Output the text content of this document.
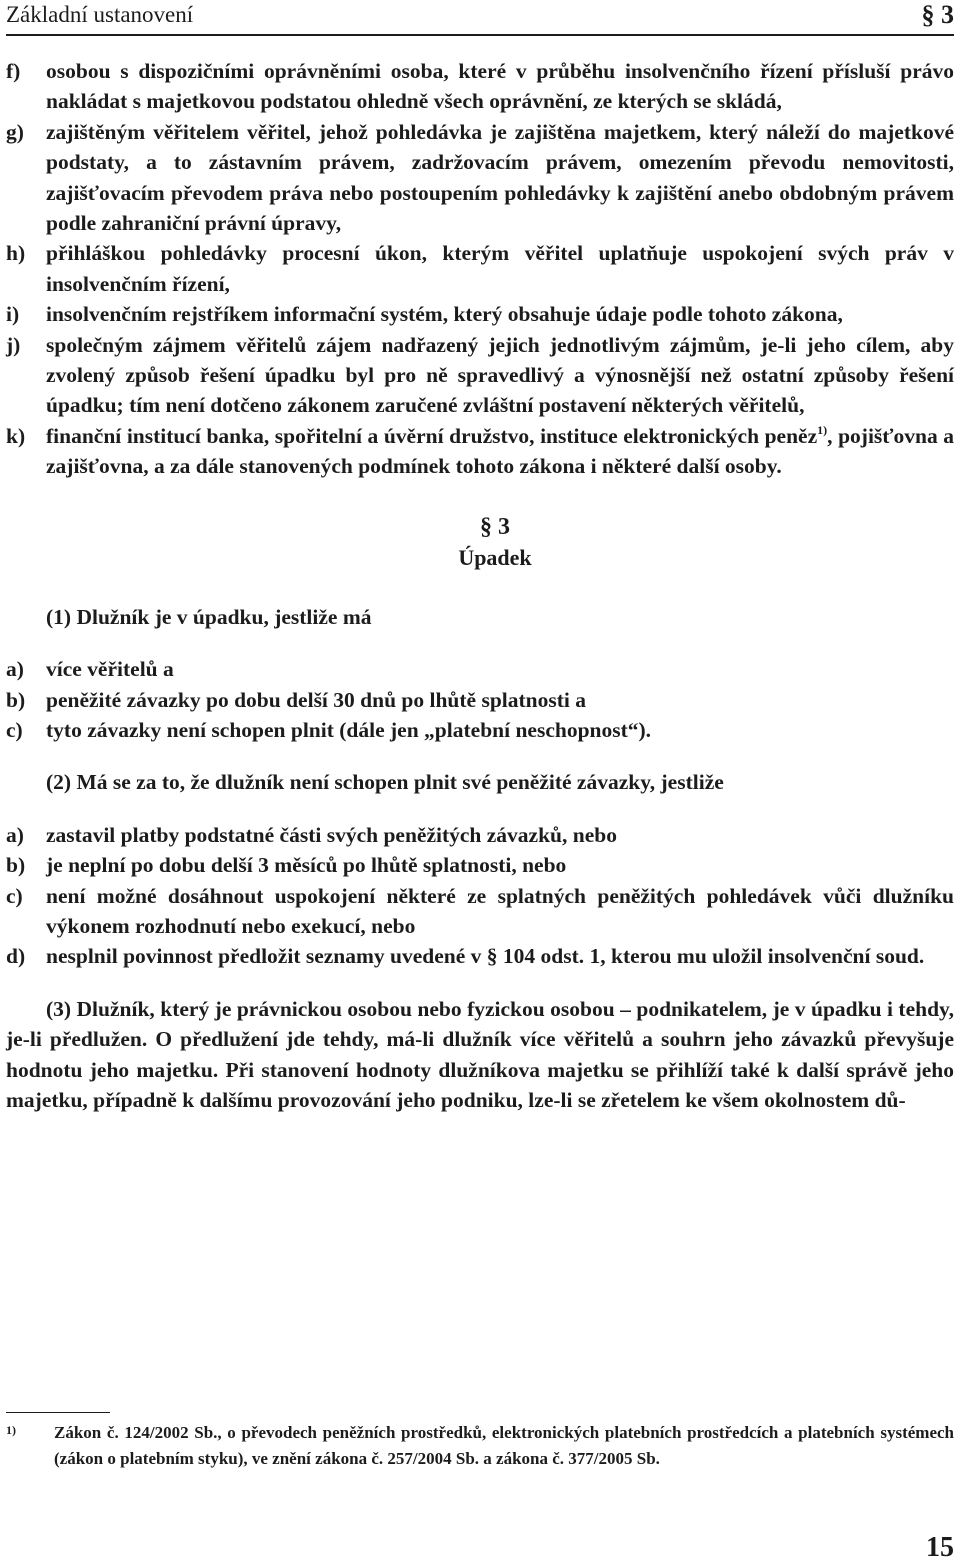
Základní ustanovení	§ 3
f) osobou s dispozičními oprávněními osoba, které v průběhu insolvenčního řízení přísluší právo nakládat s majetkovou podstatou ohledně všech oprávnění, ze kterých se skládá,
g) zajištěným věřitelem věřitel, jehož pohledávka je zajištěna majetkem, který náleží do majetkové podstaty, a to zástavním právem, zadržovacím právem, omezením převodu nemovitosti, zajišťovacím převodem práva nebo postoupením pohledávky k zajištění anebo obdobným právem podle zahraniční právní úpravy,
h) přihláškou pohledávky procesní úkon, kterým věřitel uplatňuje uspokojení svých práv v insolvenčním řízení,
i) insolvenčním rejstříkem informační systém, který obsahuje údaje podle tohoto zákona,
j) společným zájmem věřitelů zájem nadřazený jejich jednotlivým zájmům, je-li jeho cílem, aby zvolený způsob řešení úpadku byl pro ně spravedlivý a výnosnější než ostatní způsoby řešení úpadku; tím není dotčeno zákonem zaručené zvláštní postavení některých věřitelů,
k) finanční institucí banka, spořitelní a úvěrní družstvo, instituce elektronických peněz$^{1)}$, pojišťovna a zajišťovna, a za dále stanovených podmínek tohoto zákona i některé další osoby.
§ 3
Úpadek
(1) Dlužník je v úpadku, jestliže má
a) více věřitelů a
b) peněžité závazky po dobu delší 30 dnů po lhůtě splatnosti a
c) tyto závazky není schopen plnit (dále jen „platební neschopnost“).
(2) Má se za to, že dlužník není schopen plnit své peněžité závazky, jestliže
a) zastavil platby podstatné části svých peněžitých závazků, nebo
b) je neplní po dobu delší 3 měsíců po lhůtě splatnosti, nebo
c) není možné dosáhnout uspokojení některé ze splatných peněžitých pohledávek vůči dlužníku výkonem rozhodnutí nebo exekucí, nebo
d) nesplnil povinnost předložit seznamy uvedené v § 104 odst. 1, kterou mu uložil insolvenční soud.
(3) Dlužník, který je právnickou osobou nebo fyzickou osobou – podnikatelem, je v úpadku i tehdy, je-li předlužen. O předlužení jde tehdy, má-li dlužník více věřitelů a souhrn jeho závazků převyšuje hodnotu jeho majetku. Při stanovení hodnoty dlužníkova majetku se přihlíží také k další správě jeho majetku, případně k dalšímu provozování jeho podniku, lze-li se zřetelem ke všem okolnostem dů-
1) Zákon č. 124/2002 Sb., o převodech peněžních prostředků, elektronických platebních prostředcích a platebních systémech (zákon o platebním styku), ve znění zákona č. 257/2004 Sb. a zákona č. 377/2005 Sb.
15
